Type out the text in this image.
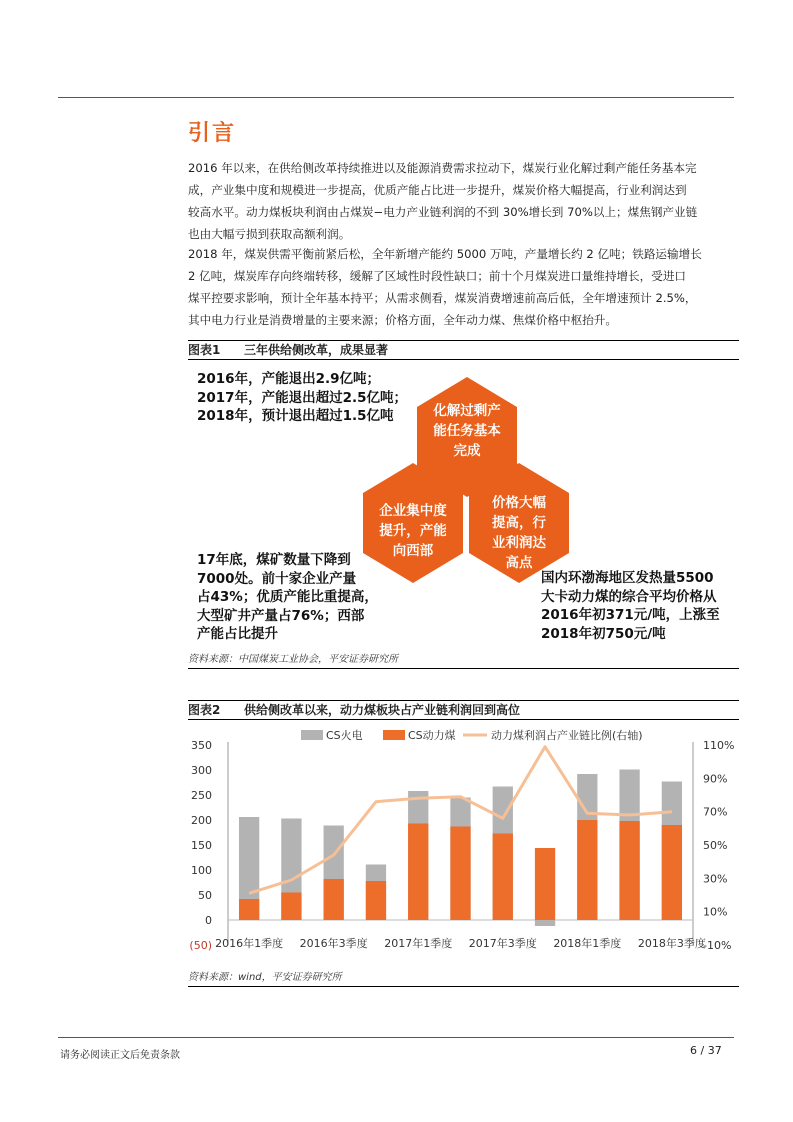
引言
2016 年以来，在供给侧改革持续推进以及能源消费需求拉动下，煤炭行业化解过剩产能任务基本完
成，产业集中度和规模进一步提高，优质产能占比进一步提升，煤炭价格大幅提高，行业利润达到
较高水平。动力煤板块利润由占煤炭−电力产业链利润的不到 30%增长到 70%以上；煤焦钢产业链
也由大幅亏损到获取高额利润。
2018 年，煤炭供需平衡前紧后松，全年新增产能约 5000 万吨，产量增长约 2 亿吨；铁路运输增长
2 亿吨，煤炭库存向终端转移，缓解了区域性时段性缺口；前十个月煤炭进口量维持增长，受进口
煤平控要求影响，预计全年基本持平；从需求侧看，煤炭消费增速前高后低，全年增速预计 2.5%，
其中电力行业是消费增量的主要来源；价格方面，全年动力煤、焦煤价格中枢抬升。
图表1 三年供给侧改革，成果显著
2016年，产能退出2.9亿吨；
2017年，产能退出超过2.5亿吨；
2018年，预计退出超过1.5亿吨	化解过剩产
能任务基本
完成
企业集中度
提升，产能
向西部
价格大幅
提高，行
业利润达
高点
17年底，煤矿数量下降到
7000处。前十家企业产量
占43%；优质产能比重提高，
大型矿井产量占76%；西部
产能占比提升
国内环渤海地区发热量5500
大卡动力煤的综合平均价格从
2016年初371元/吨，上涨至
2018年初750元/吨
资料来源：中国煤炭工业协会，平安证券研究所
图表2 供给侧改革以来，动力煤板块占产业链利润回到高位
(50)
0
50
100
150
200
250
300
350
-10%
10%
30%
50%
70%
90%
110%
2016年1季度 2016年3季度 2017年1季度 2017年3季度 2018年1季度 2018年3季度
CS火电	CS动力煤	动力煤利润占产业链比例(右轴)
资料来源：wind，平安证券研究所
请务必阅读正文后免责条款	6 / 37
